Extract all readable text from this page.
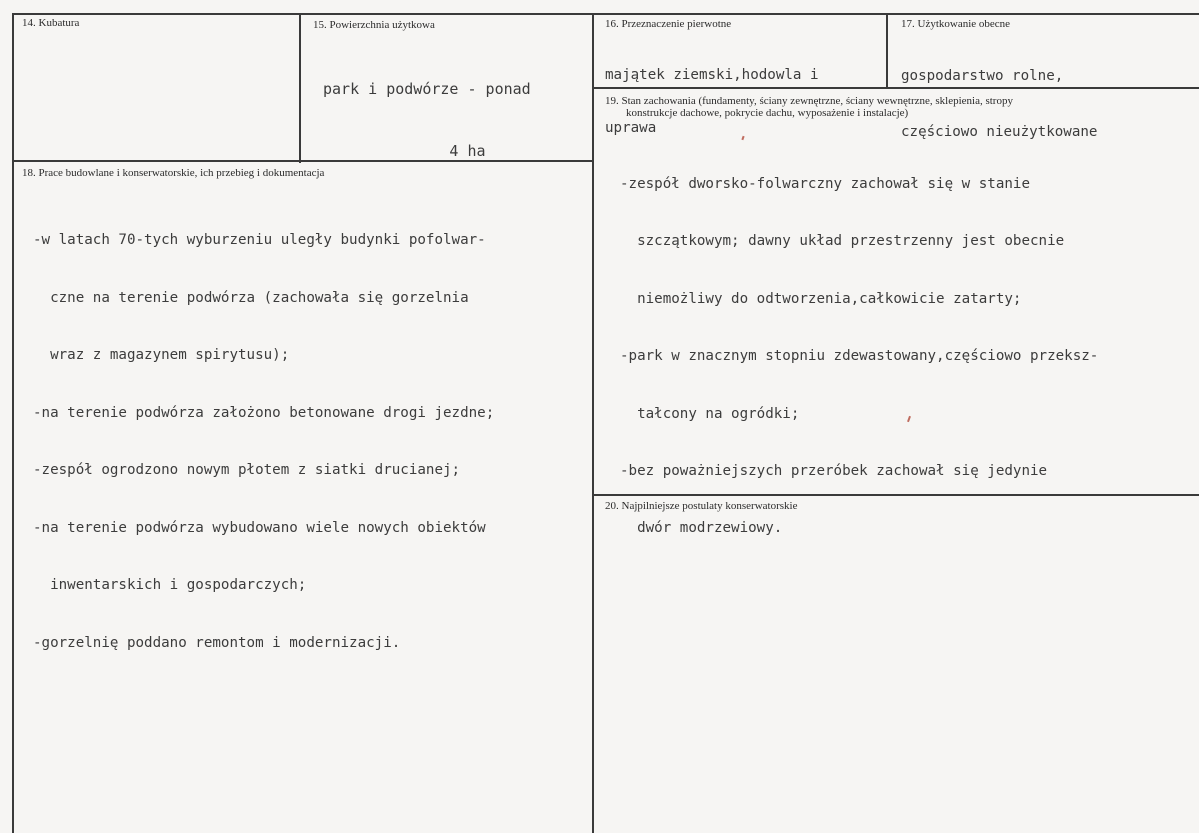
14. Kubatura	15. Powierzchnia użytkowa

park i podwórze - ponad

4 ha

16. Przeznaczenie pierwotne

majątek ziemski,hodowla i

uprawa

17. Użytkowanie obecne

gospodarstwo rolne,

częściowo nieużytkowane

18. Prace budowlane i konserwatorskie, ich przebieg i dokumentacja

-w latach 70-tych wyburzeniu uległy budynki pofolwar-

czne na terenie podwórza (zachowała się gorzelnia

wraz z magazynem spirytusu);

-na terenie podwórza założono betonowane drogi jezdne;

-zespół ogrodzono nowym płotem z siatki drucianej;

-na terenie podwórza wybudowano wiele nowych obiektów

inwentarskich i gospodarczych;

-gorzelnię poddano remontom i modernizacji.

19. Stan zachowania (fundamenty, ściany zewnętrzne, ściany wewnętrzne, sklepienia, stropy
konstrukcje dachowe, pokrycie dachu, wyposażenie i instalacje)

-zespół dworsko-folwarczny zachował się w stanie

szczątkowym; dawny układ przestrzenny jest obecnie

niemożliwy do odtworzenia,całkowicie zatarty;

-park w znacznym stopniu zdewastowany,częściowo przeksz-

tałcony na ogródki;

-bez poważniejszych przeróbek zachował się jedynie

dwór modrzewiowy.

20. Najpilniejsze postulaty konserwatorskie
